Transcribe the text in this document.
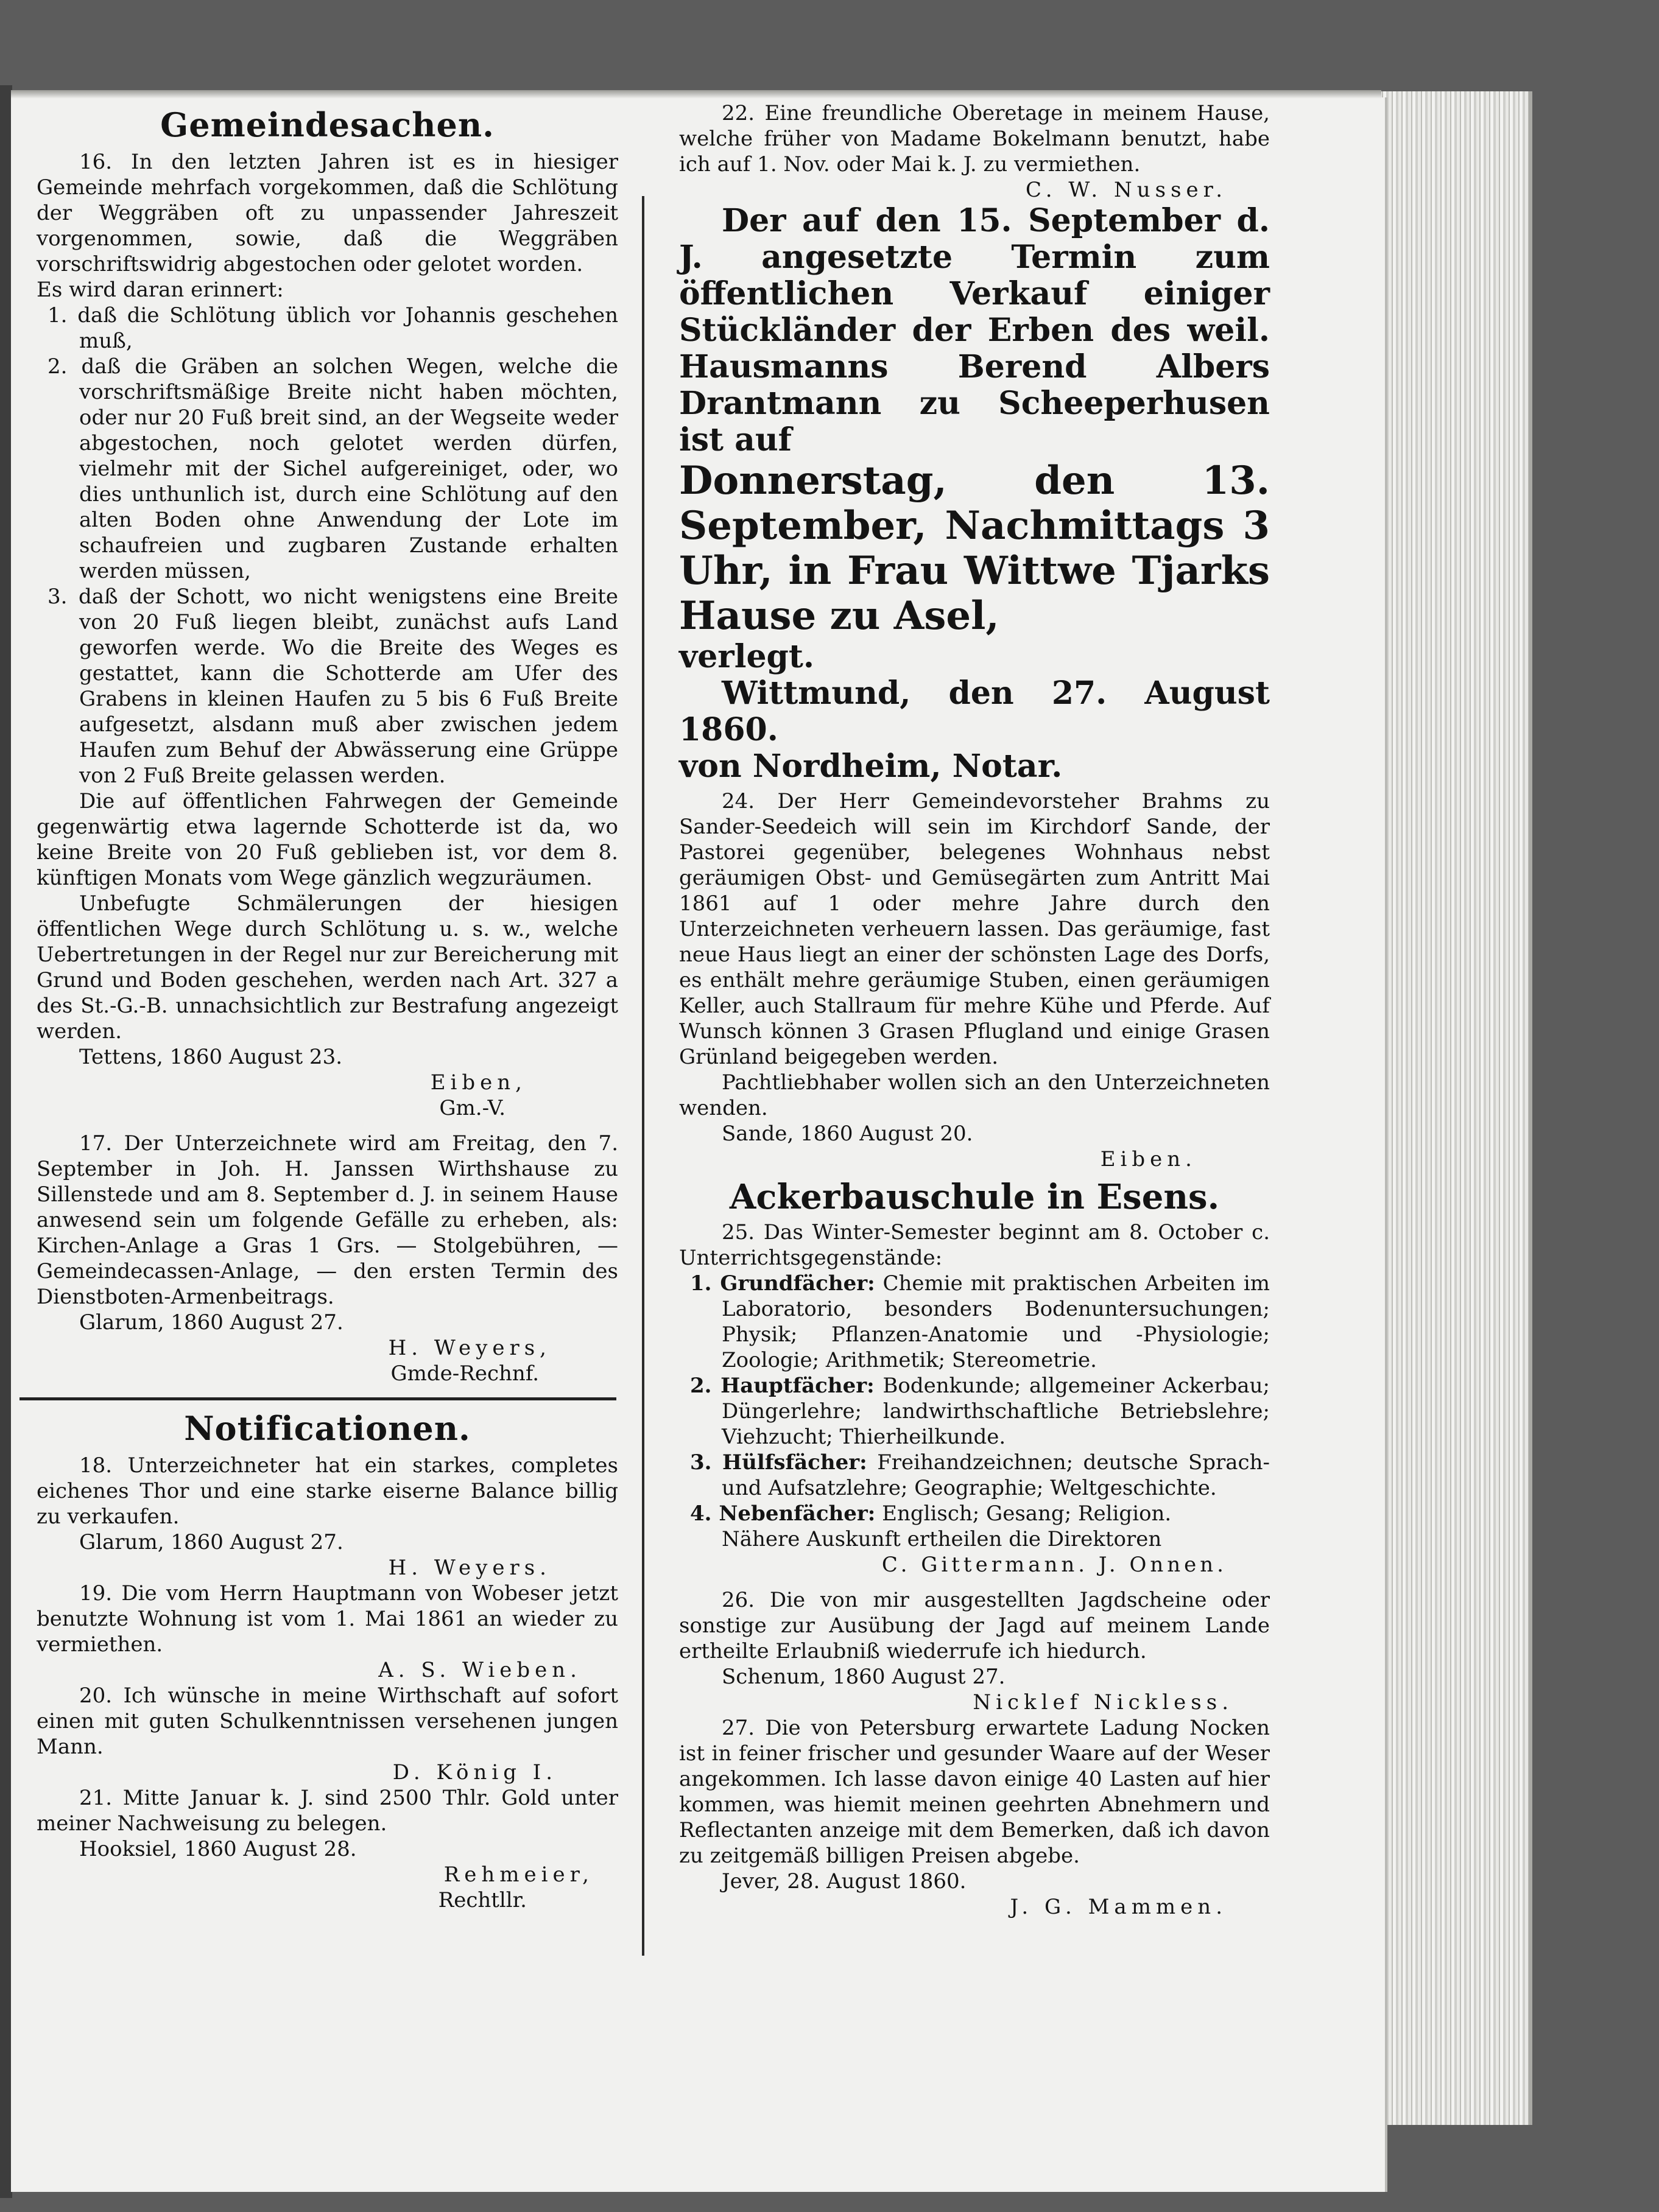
Gemeindesachen.

16. In den letzten Jahren ist es in hiesiger Gemeinde mehrfach vorgekommen, daß die Schlötung der Weggräben oft zu unpassender Jahreszeit vorgenommen, sowie, daß die Weggräben vorschriftswidrig abgestochen oder gelotet worden.

Es wird daran erinnert:

1. daß die Schlötung üblich vor Johannis geschehen muß,

2. daß die Gräben an solchen Wegen, welche die vorschriftsmäßige Breite nicht haben möchten, oder nur 20 Fuß breit sind, an der Wegseite weder abgestochen, noch gelotet werden dürfen, vielmehr mit der Sichel aufgereiniget, oder, wo dies unthunlich ist, durch eine Schlötung auf den alten Boden ohne Anwendung der Lote im schaufreien und zugbaren Zustande erhalten werden müssen,

3. daß der Schott, wo nicht wenigstens eine Breite von 20 Fuß liegen bleibt, zunächst aufs Land geworfen werde. Wo die Breite des Weges es gestattet, kann die Schotterde am Ufer des Grabens in kleinen Haufen zu 5 bis 6 Fuß Breite aufgesetzt, alsdann muß aber zwischen jedem Haufen zum Behuf der Abwässerung eine Grüppe von 2 Fuß Breite gelassen werden.

Die auf öffentlichen Fahrwegen der Gemeinde gegenwärtig etwa lagernde Schotterde ist da, wo keine Breite von 20 Fuß geblieben ist, vor dem 8. künftigen Monats vom Wege gänzlich wegzuräumen.

Unbefugte Schmälerungen der hiesigen öffentlichen Wege durch Schlötung u. s. w., welche Uebertretungen in der Regel nur zur Bereicherung mit Grund und Boden geschehen, werden nach Art. 327 a des St.-G.-B. unnachsichtlich zur Bestrafung angezeigt werden.

Tettens, 1860 August 23.

Eiben,

Gm.-V.

17. Der Unterzeichnete wird am Freitag, den 7. September in Joh. H. Janssen Wirthshause zu Sillenstede und am 8. September d. J. in seinem Hause anwesend sein um folgende Gefälle zu erheben, als: Kirchen-Anlage a Gras 1 Grs. — Stolgebühren, — Gemeindecassen-Anlage, — den ersten Termin des Dienstboten-Armenbeitrags.

Glarum, 1860 August 27.

H. Weyers,

Gmde-Rechnf.

Notificationen.

18. Unterzeichneter hat ein starkes, completes eichenes Thor und eine starke eiserne Balance billig zu verkaufen.

Glarum, 1860 August 27.

H. Weyers.

19. Die vom Herrn Hauptmann von Wobeser jetzt benutzte Wohnung ist vom 1. Mai 1861 an wieder zu vermiethen.

A. S. Wieben.

20. Ich wünsche in meine Wirthschaft auf sofort einen mit guten Schulkenntnissen versehenen jungen Mann.

D. König I.

21. Mitte Januar k. J. sind 2500 Thlr. Gold unter meiner Nachweisung zu belegen.

Hooksiel, 1860 August 28.

Rehmeier,

Rechtllr.

22. Eine freundliche Oberetage in meinem Hause, welche früher von Madame Bokelmann benutzt, habe ich auf 1. Nov. oder Mai k. J. zu vermiethen.

C. W. Nusser.

Der auf den 15. September d. J. angesetzte Termin zum öffentlichen Verkauf einiger Stückländer der Erben des weil. Hausmanns Berend Albers Drantmann zu Scheeperhusen ist auf

Donnerstag, den 13. September, Nachmittags 3 Uhr, in Frau Wittwe Tjarks Hause zu Asel,

verlegt.

Wittmund, den 27. August 1860.

von Nordheim, Notar.

24. Der Herr Gemeindevorsteher Brahms zu Sander-Seedeich will sein im Kirchdorf Sande, der Pastorei gegenüber, belegenes Wohnhaus nebst geräumigen Obst- und Gemüsegärten zum Antritt Mai 1861 auf 1 oder mehre Jahre durch den Unterzeichneten verheuern lassen. Das geräumige, fast neue Haus liegt an einer der schönsten Lage des Dorfs, es enthält mehre geräumige Stuben, einen geräumigen Keller, auch Stallraum für mehre Kühe und Pferde. Auf Wunsch können 3 Grasen Pflugland und einige Grasen Grünland beigegeben werden.

Pachtliebhaber wollen sich an den Unterzeichneten wenden.

Sande, 1860 August 20.

Eiben.

Ackerbauschule in Esens.

25. Das Winter-Semester beginnt am 8. October c. Unterrichtsgegenstände:

1. Grundfächer: Chemie mit praktischen Arbeiten im Laboratorio, besonders Bodenuntersuchungen; Physik; Pflanzen-Anatomie und -Physiologie; Zoologie; Arithmetik; Stereometrie.

2. Hauptfächer: Bodenkunde; allgemeiner Ackerbau; Düngerlehre; landwirthschaftliche Betriebslehre; Viehzucht; Thierheilkunde.

3. Hülfsfächer: Freihandzeichnen; deutsche Sprach- und Aufsatzlehre; Geographie; Weltgeschichte.

4. Nebenfächer: Englisch; Gesang; Religion.

Nähere Auskunft ertheilen die Direktoren

C. Gittermann. J. Onnen.

26. Die von mir ausgestellten Jagdscheine oder sonstige zur Ausübung der Jagd auf meinem Lande ertheilte Erlaubniß wiederrufe ich hiedurch.

Schenum, 1860 August 27.

Nicklef Nickless.

27. Die von Petersburg erwartete Ladung Nocken ist in feiner frischer und gesunder Waare auf der Weser angekommen. Ich lasse davon einige 40 Lasten auf hier kommen, was hiemit meinen geehrten Abnehmern und Reflectanten anzeige mit dem Bemerken, daß ich davon zu zeitgemäß billigen Preisen abgebe.

Jever, 28. August 1860.

J. G. Mammen.
